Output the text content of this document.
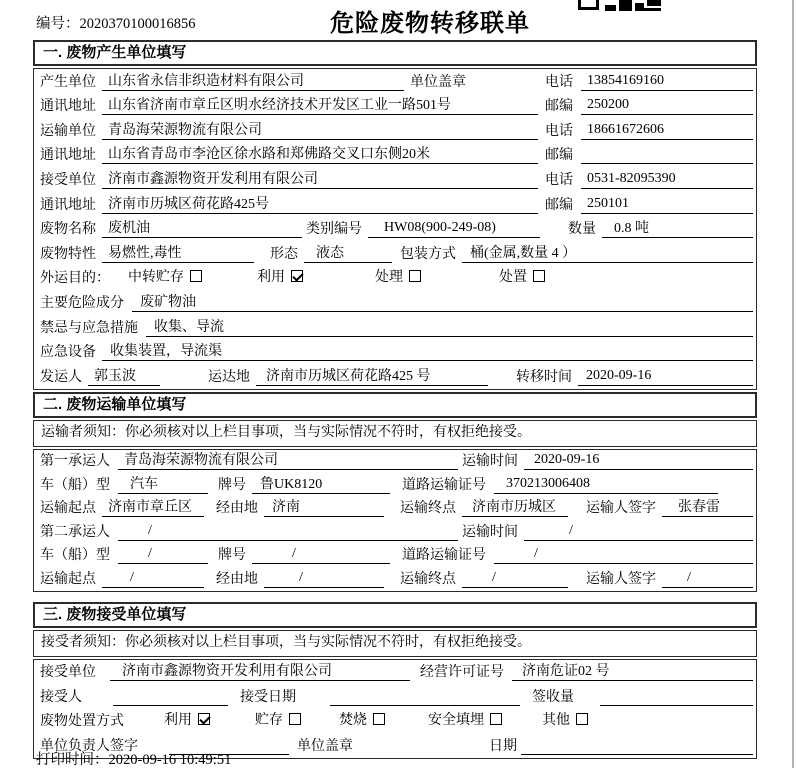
编号：2020370100016856	危险废物转移联单
一. 废物产生单位填写
产生单位 山东省永信非织造材料有限公司	单位盖章	电话	13854169160
通讯地址 山东省济南市章丘区明水经济技术开发区工业一路501号	邮编	250200
运输单位 青岛海荣源物流有限公司	电话	18661672606
通讯地址 山东省青岛市李沧区徐水路和郑佛路交叉口东侧20米	邮编
接受单位 济南市鑫源物资开发利用有限公司	电话	0531-82095390
通讯地址 济南市历城区荷花路425号	邮编	250101
废物名称 废机油	类别编号	HW08(900-249-08)	数量	0.8 吨
废物特性 易燃性,毒性	形态	液态	包装方式	桶(金属,数量 4 ）
外运目的：	中转贮存	利用	处理	处置
主要危险成分	废矿物油
禁忌与应急措施	收集、导流
应急设备	收集装置，导流渠
发运人 郭玉波	运达地	济南市历城区荷花路425 号	转移时间	2020-09-16
二. 废物运输单位填写
运输者须知：你必须核对以上栏目事项，当与实际情况不符时，有权拒绝接受。
第一承运人	青岛海荣源物流有限公司	运输时间	2020-09-16
车（船）型	汽车	牌号	鲁UK8120	道路运输证号	370213006408
运输起点 济南市章丘区	经由地	济南	运输终点	济南市历城区	运输人签字	张春雷
第二承运人	/	运输时间	/
车（船）型	/	牌号	/	道路运输证号	/
运输起点	/	经由地	/	运输终点	/	运输人签字	/
三. 废物接受单位填写
接受者须知：你必须核对以上栏目事项，当与实际情况不符时，有权拒绝接受。
接受单位	济南市鑫源物资开发利用有限公司	经营许可证号	济南危证02 号
接受人	接受日期	签收量
废物处置方式	利用	贮存	焚烧	安全填埋	其他
单位负责人签字	单位盖章	日期
打印时间：2020-09-16 10:49:51
